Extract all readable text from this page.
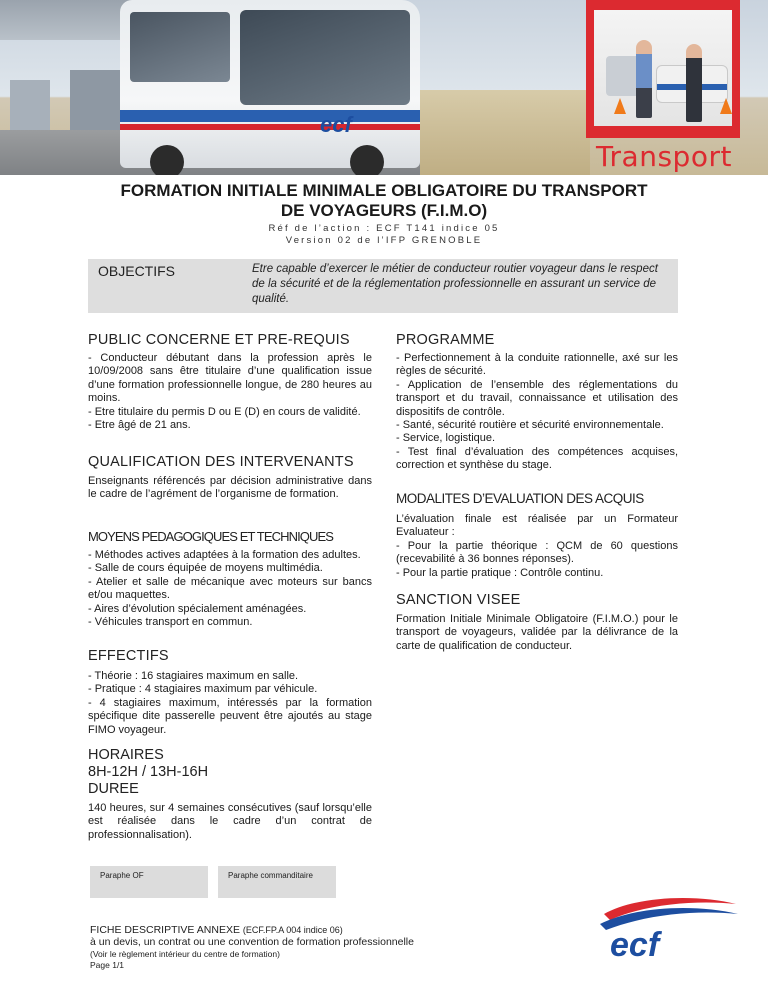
ecf
Transport
FORMATION INITIALE MINIMALE OBLIGATOIRE DU TRANSPORT
DE VOYAGEURS (F.I.M.O)
Réf de l’action : ECF T141 indice 05
Version 02 de l’IFP GRENOBLE
OBJECTIFS	Etre capable d’exercer le métier de conducteur routier voyageur dans le respect de la sécurité et de la réglementation professionnelle en assurant un service de qualité.
PUBLIC CONCERNE ET PRE-REQUIS
- Conducteur débutant dans la profession après le 10/09/2008 sans être titulaire d’une qualification issue d’une formation professionnelle longue, de 280 heures au moins.
- Etre titulaire du permis D ou E (D) en cours de validité.
- Etre âgé de 21 ans.
QUALIFICATION DES INTERVENANTS
Enseignants référencés par décision administrative dans le cadre de l’agrément de l’organisme de formation.
MOYENS PEDAGOGIQUES ET TECHNIQUES
- Méthodes actives adaptées à la formation des adultes.
- Salle de cours équipée de moyens multimédia.
- Atelier et salle de mécanique avec moteurs sur bancs et/ou maquettes.
- Aires d’évolution spécialement aménagées.
- Véhicules transport en commun.
EFFECTIFS
- Théorie : 16 stagiaires maximum en salle.
- Pratique : 4 stagiaires maximum par véhicule.
- 4 stagiaires maximum, intéressés par la formation spécifique dite passerelle peuvent être ajoutés au stage FIMO voyageur.
HORAIRES
8H-12H / 13H-16H
DUREE
140 heures, sur 4 semaines consécutives (sauf lorsqu’elle est réalisée dans le cadre d’un contrat de professionnalisation).
PROGRAMME
- Perfectionnement à la conduite rationnelle, axé sur les règles de sécurité.
- Application de l’ensemble des réglementations du transport et du travail, connaissance et utilisation des dispositifs de contrôle.
- Santé, sécurité routière et sécurité environnementale.
- Service, logistique.
- Test final d’évaluation des compétences acquises, correction et synthèse du stage.
MODALITES D’EVALUATION DES ACQUIS
L’évaluation finale est réalisée par un Formateur Evaluateur :
- Pour la partie théorique : QCM de 60 questions (recevabilité à 36 bonnes réponses).
- Pour la partie pratique : Contrôle continu.
SANCTION VISEE
Formation Initiale Minimale Obligatoire (F.I.M.O.) pour le transport de voyageurs, validée par la délivrance de la carte de qualification de conducteur.
Paraphe OF	Paraphe commanditaire
FICHE DESCRIPTIVE ANNEXE (ECF.FP.A 004 indice 06)
à un devis, un contrat ou une convention de formation professionnelle
(Voir le règlement intérieur du centre de formation)
Page 1/1
ecf
